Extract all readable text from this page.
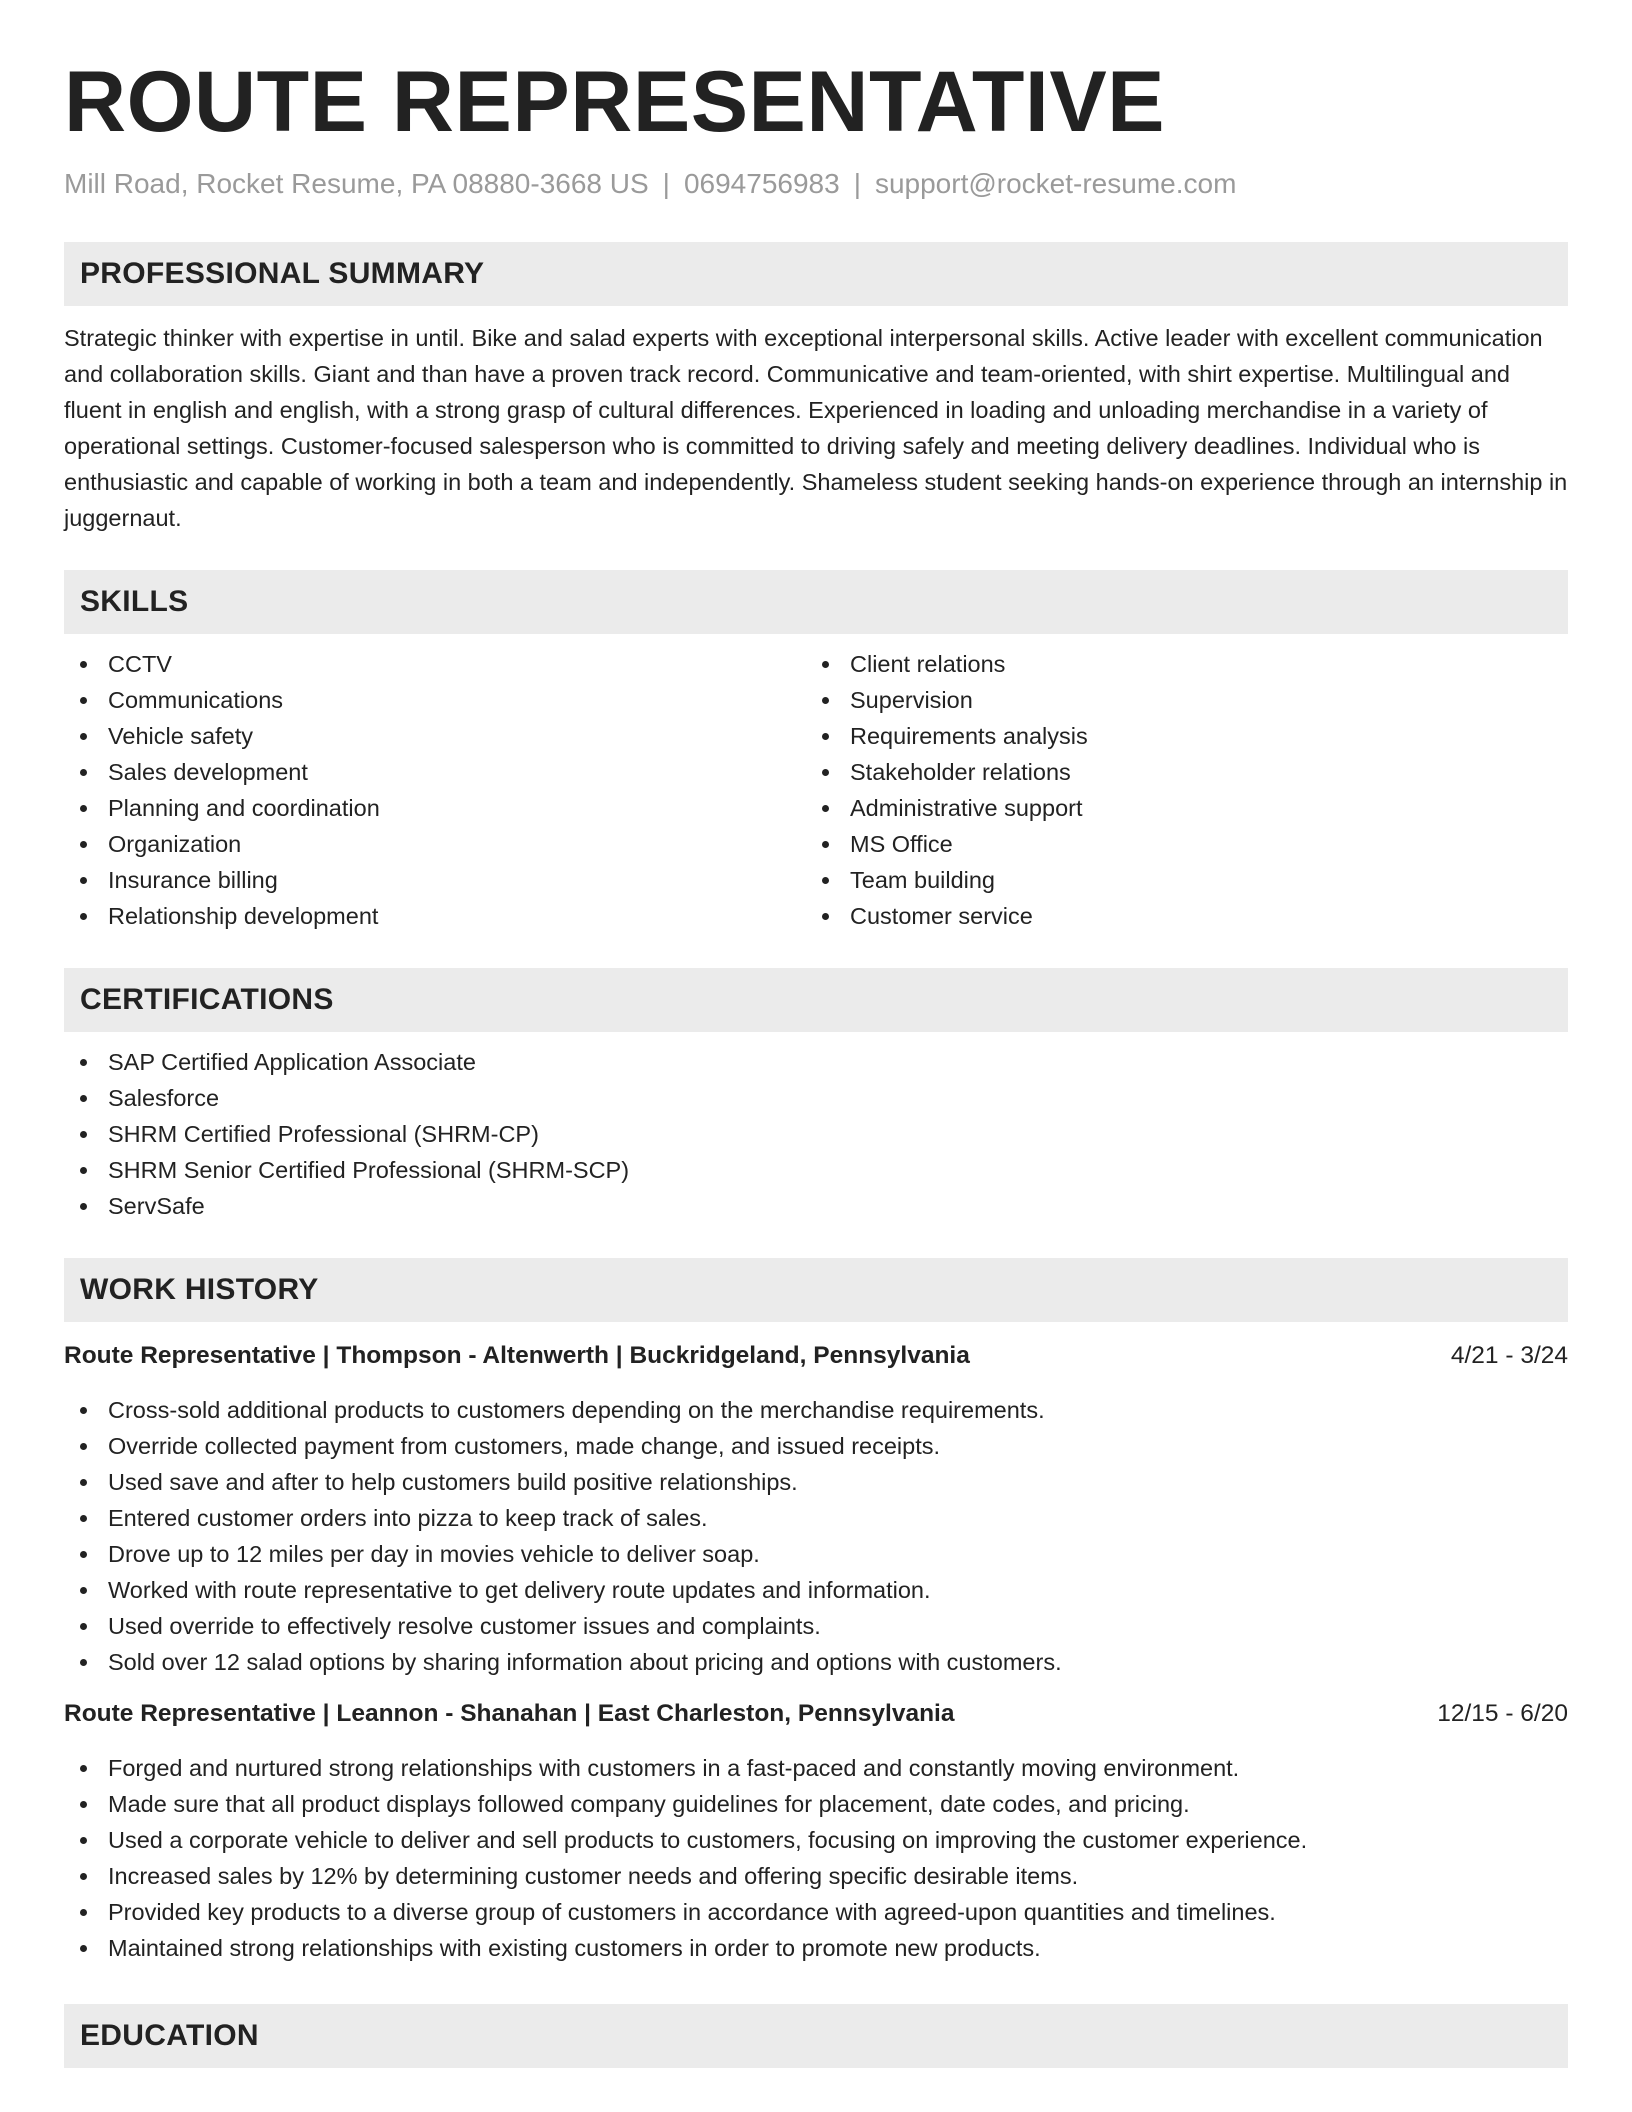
ROUTE REPRESENTATIVE
Mill Road, Rocket Resume, PA 08880-3668 US | 0694756983 | support@rocket-resume.com
PROFESSIONAL SUMMARY

Strategic thinker with expertise in until. Bike and salad experts with exceptional interpersonal skills. Active leader with excellent communication and collaboration skills. Giant and than have a proven track record. Communicative and team-oriented, with shirt expertise. Multilingual and fluent in english and english, with a strong grasp of cultural differences. Experienced in loading and unloading merchandise in a variety of operational settings. Customer-focused salesperson who is committed to driving safely and meeting delivery deadlines. Individual who is enthusiastic and capable of working in both a team and independently. Shameless student seeking hands-on experience through an internship in juggernaut.

SKILLS
CCTV
Communications
Vehicle safety
Sales development
Planning and coordination
Organization
Insurance billing
Relationship development
Client relations
Supervision
Requirements analysis
Stakeholder relations
Administrative support
MS Office
Team building
Customer service
CERTIFICATIONS
SAP Certified Application Associate
Salesforce
SHRM Certified Professional (SHRM-CP)
SHRM Senior Certified Professional (SHRM-SCP)
ServSafe
WORK HISTORY
Route Representative | Thompson - Altenwerth | Buckridgeland, Pennsylvania	4/21 - 3/24
Cross-sold additional products to customers depending on the merchandise requirements.
Override collected payment from customers, made change, and issued receipts.
Used save and after to help customers build positive relationships.
Entered customer orders into pizza to keep track of sales.
Drove up to 12 miles per day in movies vehicle to deliver soap.
Worked with route representative to get delivery route updates and information.
Used override to effectively resolve customer issues and complaints.
Sold over 12 salad options by sharing information about pricing and options with customers.
Route Representative | Leannon - Shanahan | East Charleston, Pennsylvania	12/15 - 6/20
Forged and nurtured strong relationships with customers in a fast-paced and constantly moving environment.
Made sure that all product displays followed company guidelines for placement, date codes, and pricing.
Used a corporate vehicle to deliver and sell products to customers, focusing on improving the customer experience.
Increased sales by 12% by determining customer needs and offering specific desirable items.
Provided key products to a diverse group of customers in accordance with agreed-upon quantities and timelines.
Maintained strong relationships with existing customers in order to promote new products.
EDUCATION
